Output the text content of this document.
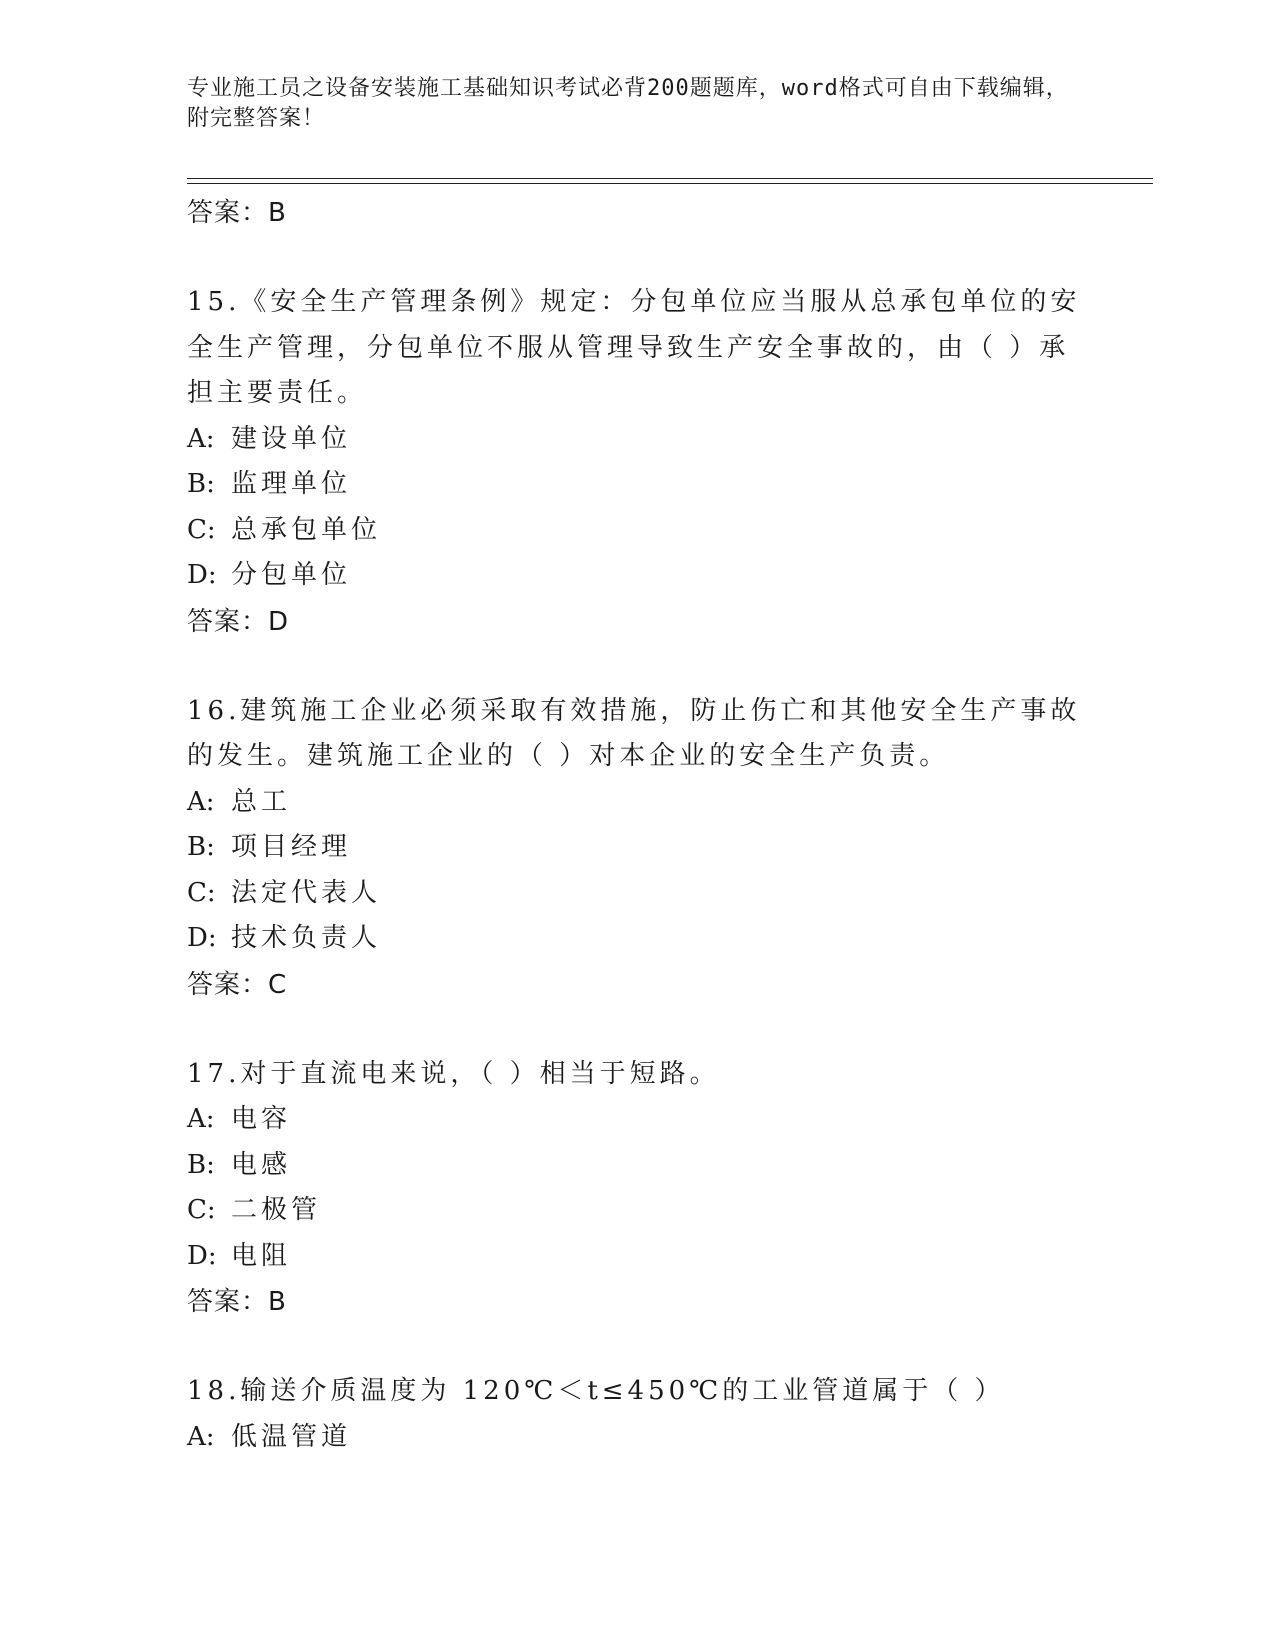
专业施工员之设备安装施工基础知识考试必背200题题库，word格式可自由下载编辑，附完整答案！
答案：B
15.《安全生产管理条例》规定：分包单位应当服从总承包单位的安全生产管理，分包单位不服从管理导致生产安全事故的，由（ ）承担主要责任。
A: 建设单位
B: 监理单位
C: 总承包单位
D: 分包单位
答案：D
16.建筑施工企业必须采取有效措施，防止伤亡和其他安全生产事故的发生。建筑施工企业的（ ）对本企业的安全生产负责。
A: 总工
B: 项目经理
C: 法定代表人
D: 技术负责人
答案：C
17.对于直流电来说，（ ）相当于短路。
A: 电容
B: 电感
C: 二极管
D: 电阻
答案：B
18.输送介质温度为 120℃＜t≤450℃的工业管道属于（ ）
A: 低温管道
